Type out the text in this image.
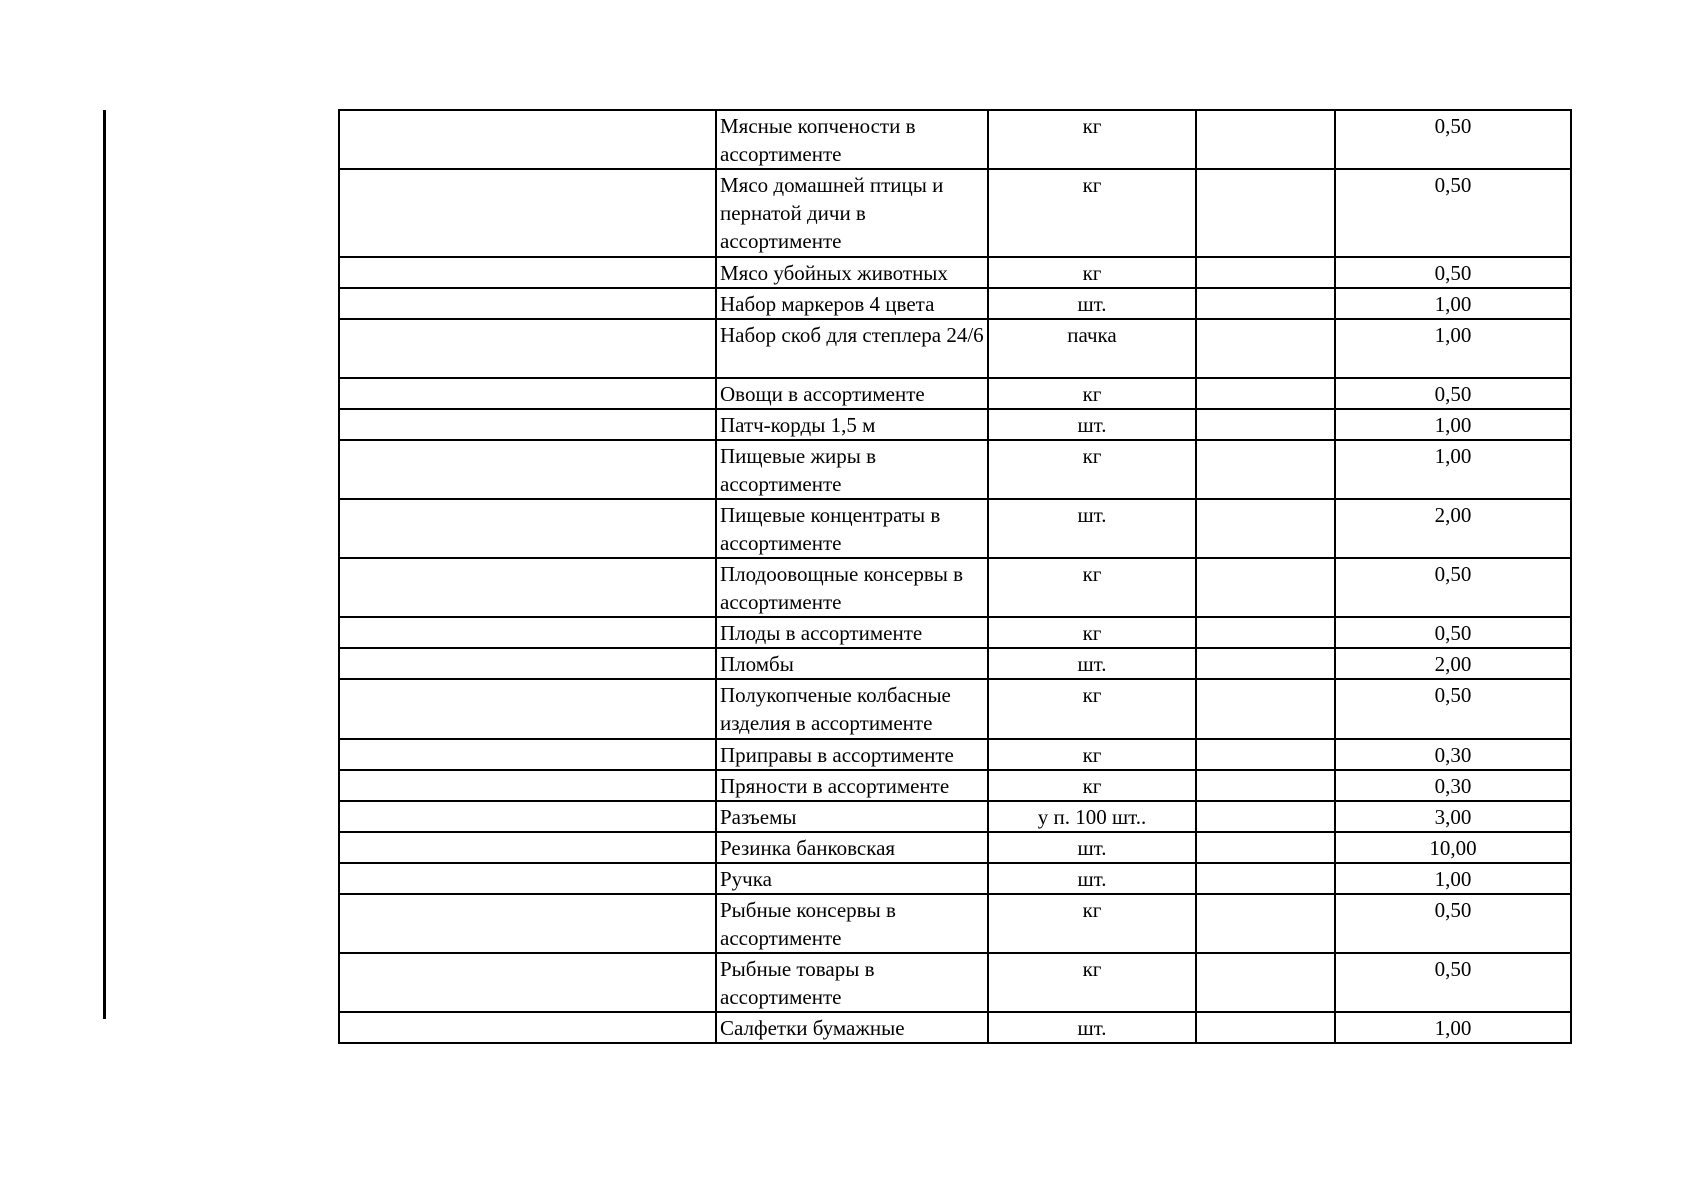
	Мясные копчености в ассортименте	кг		0,50
	Мясо домашней птицы и пернатой дичи в ассортименте	кг		0,50
	Мясо убойных животных	кг		0,50
	Набор маркеров 4 цвета	шт.		1,00
	Набор скоб для степлера 24/6	пачка		1,00
	Овощи в ассортименте	кг		0,50
	Патч-корды 1,5 м	шт.		1,00
	Пищевые жиры в ассортименте	кг		1,00
	Пищевые концентраты в ассортименте	шт.		2,00
	Плодоовощные консервы в ассортименте	кг		0,50
	Плоды в ассортименте	кг		0,50
	Пломбы	шт.		2,00
	Полукопченые колбасные изделия в ассортименте	кг		0,50
	Приправы в ассортименте	кг		0,30
	Пряности в ассортименте	кг		0,30
	Разъемы	у п. 100 шт..		3,00
	Резинка банковская	шт.		10,00
	Ручка	шт.		1,00
	Рыбные консервы в ассортименте	кг		0,50
	Рыбные товары в ассортименте	кг		0,50
	Салфетки бумажные	шт.		1,00
